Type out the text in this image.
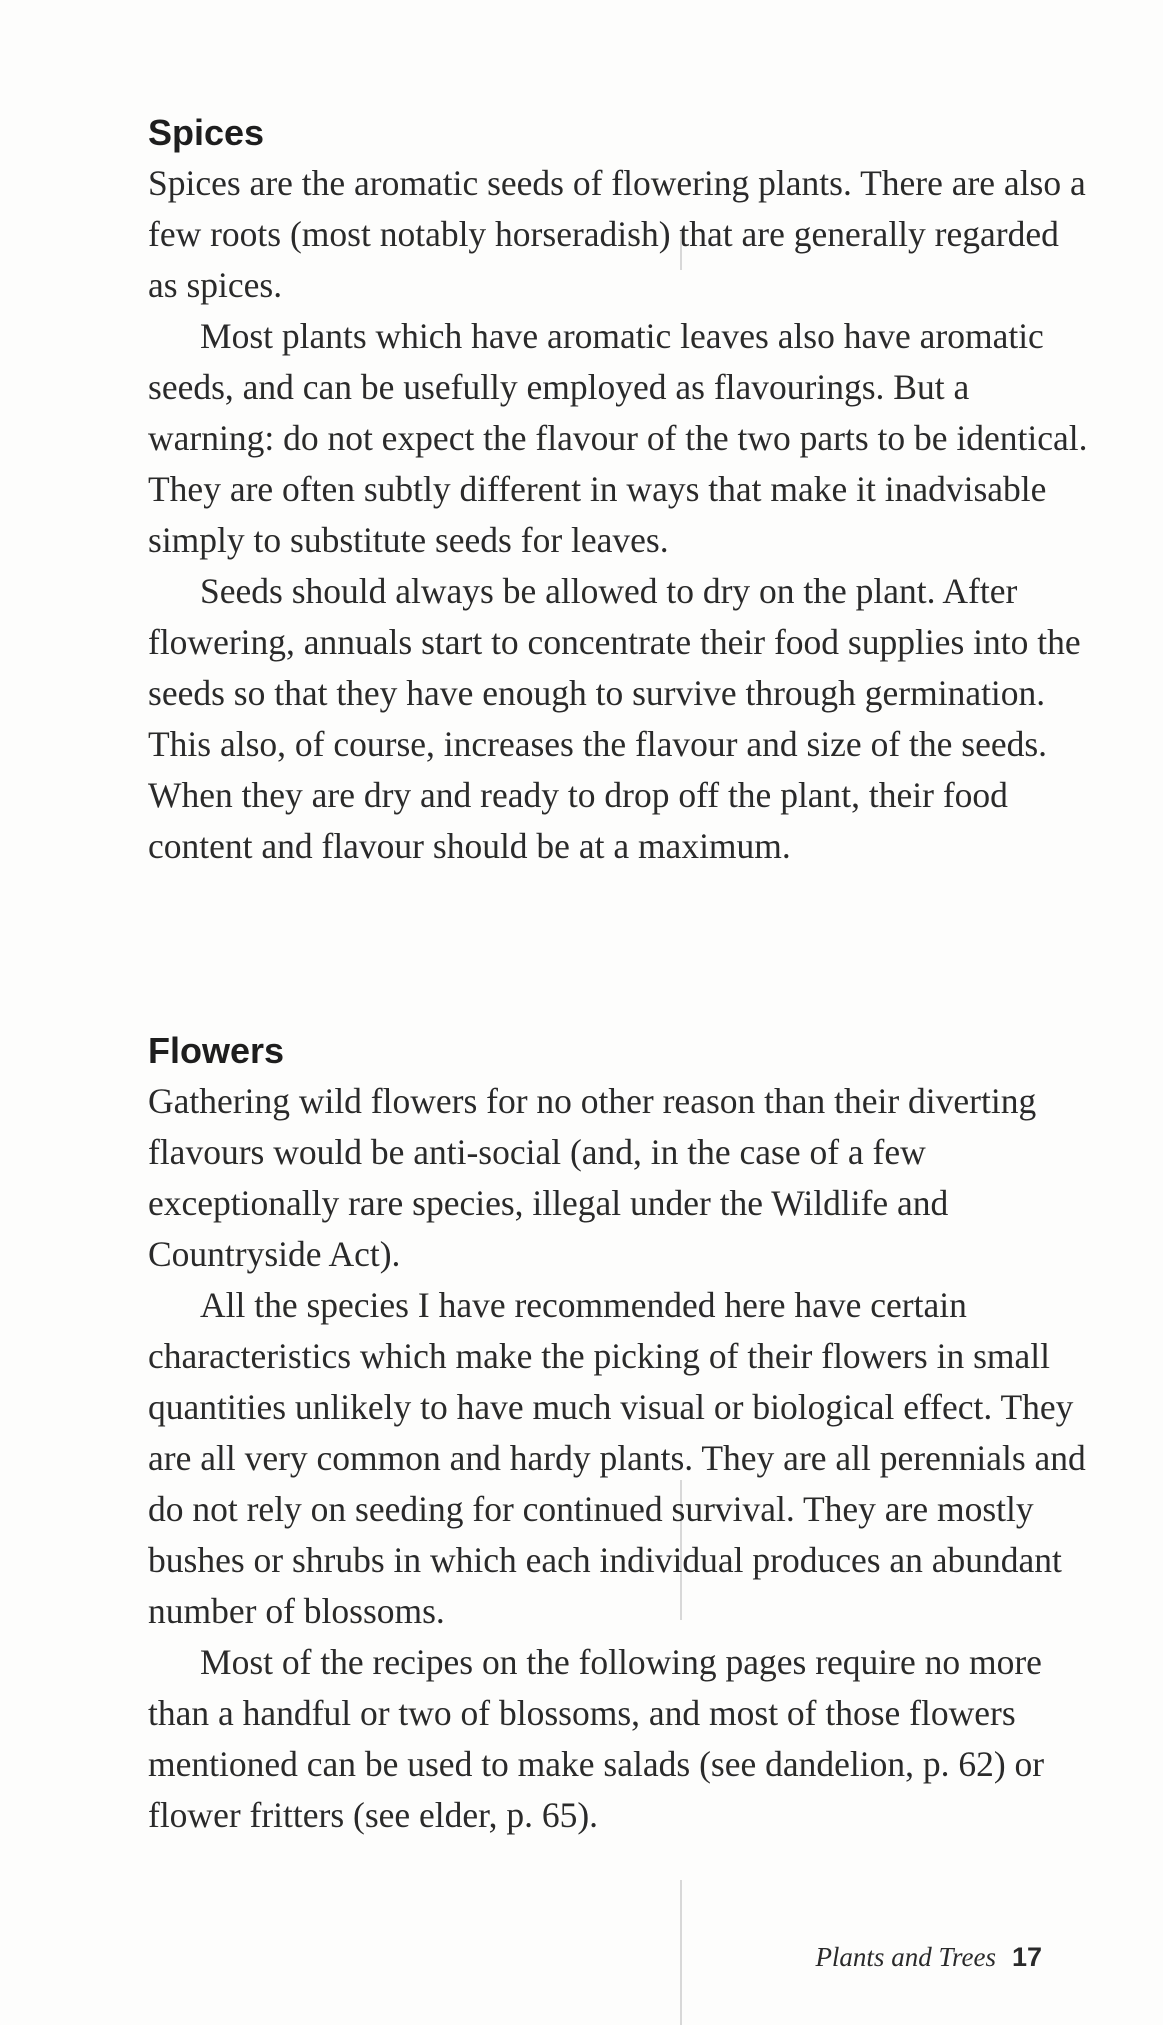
Spices

Spices are the aromatic seeds of flowering plants. There are also a few roots (most notably horseradish) that are generally regarded as spices.

Most plants which have aromatic leaves also have aromatic seeds, and can be usefully employed as flavourings. But a warning: do not expect the flavour of the two parts to be identical. They are often subtly different in ways that make it inadvisable simply to substitute seeds for leaves.

Seeds should always be allowed to dry on the plant. After flowering, annuals start to concentrate their food supplies into the seeds so that they have enough to survive through germination. This also, of course, increases the flavour and size of the seeds. When they are dry and ready to drop off the plant, their food content and flavour should be at a maximum.

Flowers

Gathering wild flowers for no other reason than their diverting flavours would be anti-social (and, in the case of a few exceptionally rare species, illegal under the Wildlife and Countryside Act).

All the species I have recommended here have certain characteristics which make the picking of their flowers in small quantities unlikely to have much visual or biological effect. They are all very common and hardy plants. They are all perennials and do not rely on seeding for continued survival. They are mostly bushes or shrubs in which each individual produces an abundant number of blossoms.

Most of the recipes on the following pages require no more than a handful or two of blossoms, and most of those flowers mentioned can be used to make salads (see dandelion, p. 62) or flower fritters (see elder, p. 65).

Plants and Trees 17
